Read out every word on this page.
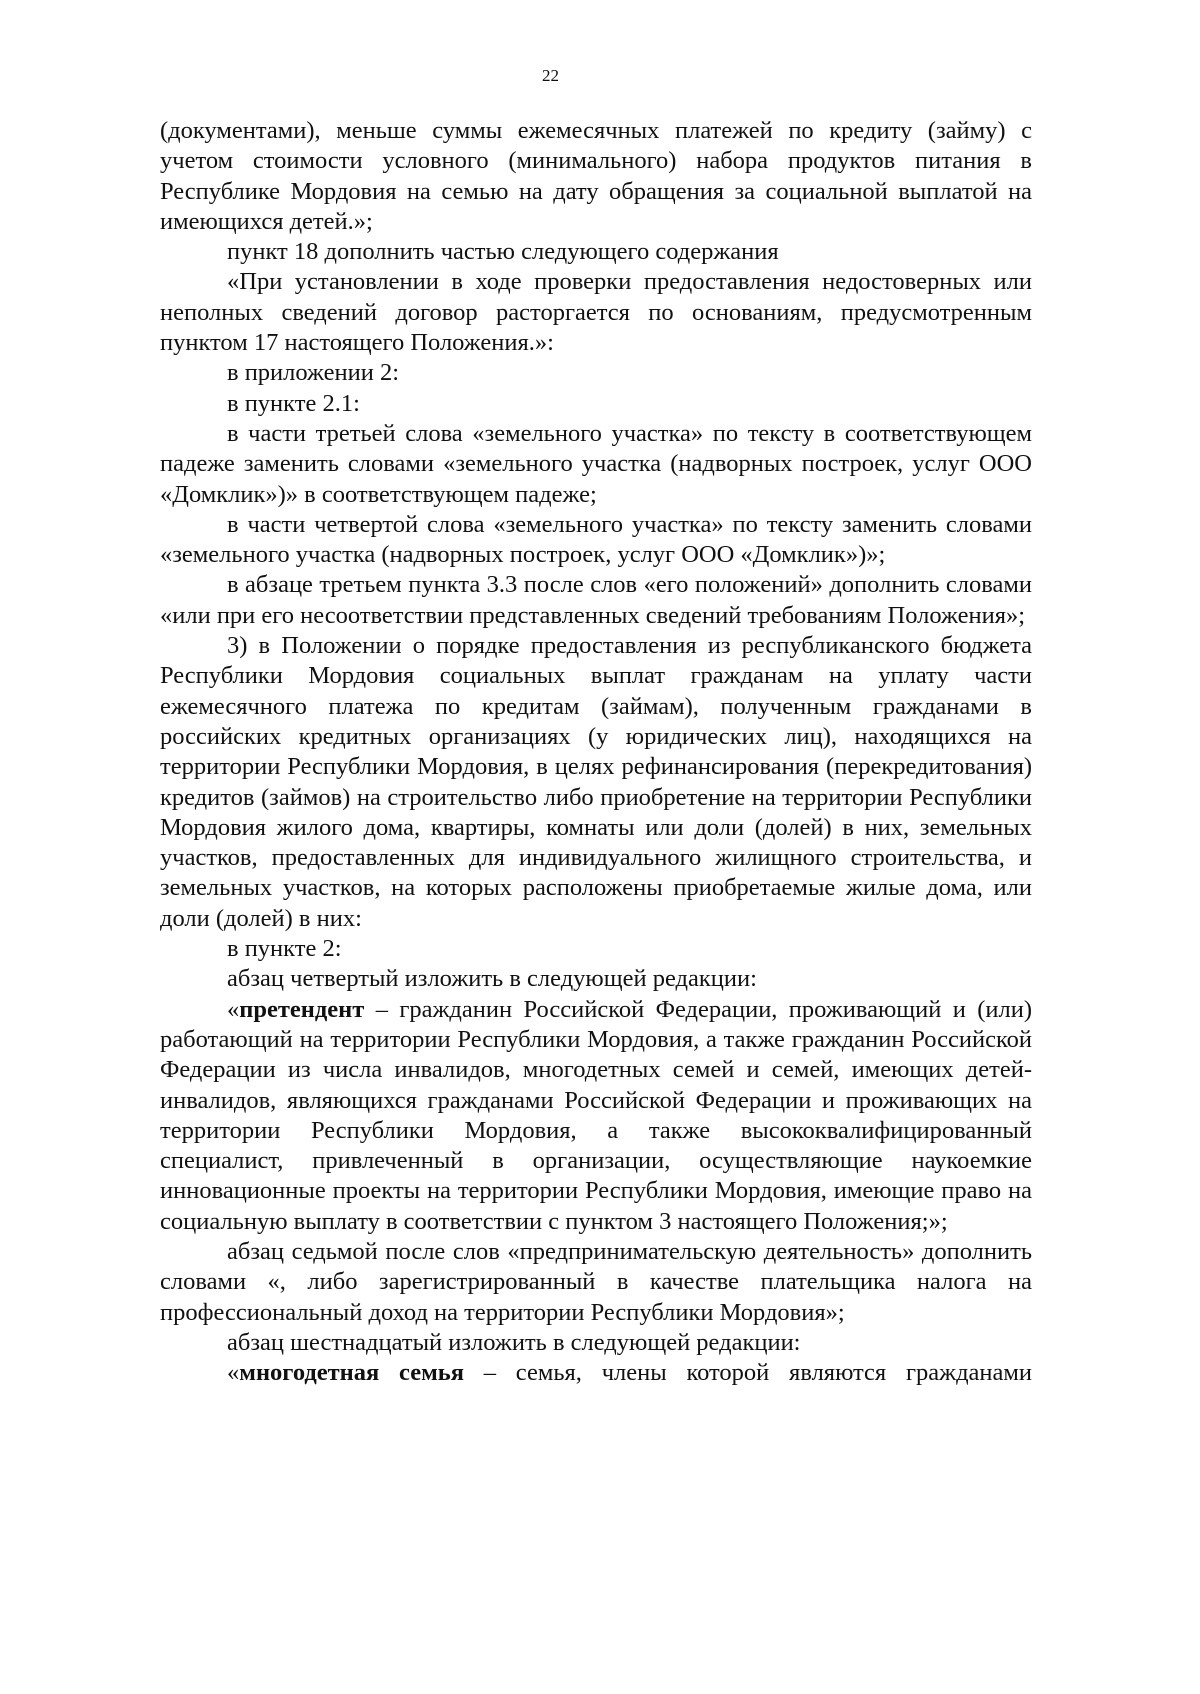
22

(документами), меньше суммы ежемесячных платежей по кредиту (займу) с учетом стоимости условного (минимального) набора продуктов питания в Республике Мордовия на семью на дату обращения за социальной выплатой на имеющихся детей.»;

пункт 18 дополнить частью следующего содержания

«При установлении в ходе проверки предоставления недостоверных или неполных сведений договор расторгается по основаниям, предусмотренным пунктом 17 настоящего Положения.»:

в приложении 2:

в пункте 2.1:

в части третьей слова «земельного участка» по тексту в соответствующем падеже заменить словами «земельного участка (надворных построек, услуг ООО «Домклик»)» в соответствующем падеже;

в части четвертой слова «земельного участка» по тексту заменить словами «земельного участка (надворных построек, услуг ООО «Домклик»)»;

в абзаце третьем пункта 3.3 после слов «его положений» дополнить словами «или при его несоответствии представленных сведений требованиям Положения»;

3) в Положении о порядке предоставления из республиканского бюджета Республики Мордовия социальных выплат гражданам на уплату части ежемесячного платежа по кредитам (займам), полученным гражданами в российских кредитных организациях (у юридических лиц), находящихся на территории Республики Мордовия, в целях рефинансирования (перекредитования) кредитов (займов) на строительство либо приобретение на территории Республики Мордовия жилого дома, квартиры, комнаты или доли (долей) в них, земельных участков, предоставленных для индивидуального жилищного строительства, и земельных участков, на которых расположены приобретаемые жилые дома, или доли (долей) в них:

в пункте 2:

абзац четвертый изложить в следующей редакции:

«претендент – гражданин Российской Федерации, проживающий и (или) работающий на территории Республики Мордовия, а также гражданин Российской Федерации из числа инвалидов, многодетных семей и семей, имеющих детей-инвалидов, являющихся гражданами Российской Федерации и проживающих на территории Республики Мордовия, а также высококвалифицированный специалист, привлеченный в организации, осуществляющие наукоемкие инновационные проекты на территории Республики Мордовия, имеющие право на социальную выплату в соответствии с пунктом 3 настоящего Положения;»;

абзац седьмой после слов «предпринимательскую деятельность» дополнить словами «, либо зарегистрированный в качестве плательщика налога на профессиональный доход на территории Республики Мордовия»;

абзац шестнадцатый изложить в следующей редакции:

«многодетная семья – семья, члены которой являются гражданами
